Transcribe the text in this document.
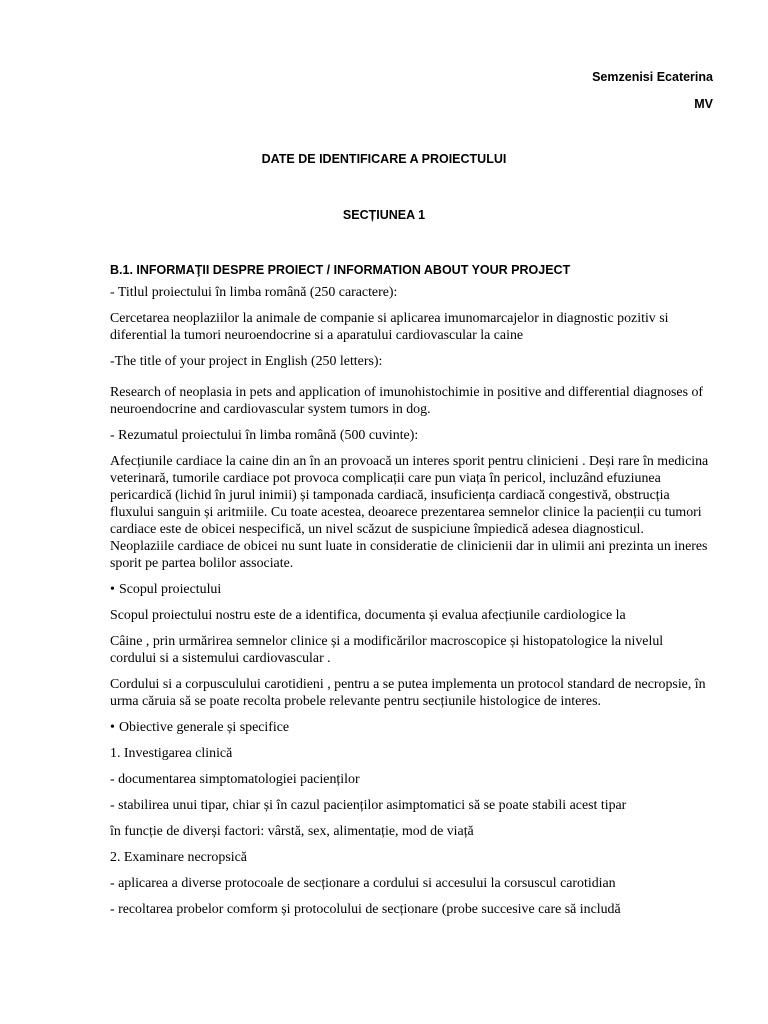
Semzenisi Ecaterina
MV
DATE DE IDENTIFICARE A PROIECTULUI
SECȚIUNEA 1
B.1. INFORMAŢII DESPRE PROIECT / INFORMATION ABOUT YOUR PROJECT

- Titlul proiectului în limba română (250 caractere):

Cercetarea neoplaziilor la animale de companie si aplicarea imunomarcajelor in diagnostic pozitiv si diferential la tumori neuroendocrine si a aparatului cardiovascular la caine

-The title of your project in English (250 letters):

Research of neoplasia in pets and application of imunohistochimie in positive and differential diagnoses of neuroendocrine and cardiovascular system tumors in dog.

- Rezumatul proiectului în limba română (500 cuvinte):

Afecțiunile cardiace la caine din an în an provoacă un interes sporit pentru clinicieni . Deși rare în medicina veterinară, tumorile cardiace pot provoca complicații care pun viața în pericol, incluzând efuziunea pericardică (lichid în jurul inimii) și tamponada cardiacă, insuficiența cardiacă congestivă, obstrucția fluxului sanguin și aritmiile. Cu toate acestea, deoarece prezentarea semnelor clinice la pacienții cu tumori cardiace este de obicei nespecifică, un nivel scăzut de suspiciune împiedică adesea diagnosticul. Neoplaziile cardiace de obicei nu sunt luate in consideratie de clinicienii dar in ulimii ani prezinta un ineres sporit pe partea bolilor associate.

• Scopul proiectului

Scopul proiectului nostru este de a identifica, documenta și evalua afecțiunile cardiologice la

Câine , prin urmărirea semnelor clinice și a modificărilor macroscopice și histopatologice la nivelul cordului si a sistemului cardiovascular .

Cordului si a corpusculului carotidieni , pentru a se putea implementa un protocol standard de necropsie, în urma căruia să se poate recolta probele relevante pentru secțiunile histologice de interes.

• Obiective generale și specifice

1. Investigarea clinică

- documentarea simptomatologiei pacienților

- stabilirea unui tipar, chiar și în cazul pacienților asimptomatici să se poate stabili acest tipar

în funcție de diverși factori: vârstă, sex, alimentație, mod de viață

2. Examinare necropsică

- aplicarea a diverse protocoale de secționare a cordului si accesului la corsuscul carotidian

- recoltarea probelor comform și protocolului de secționare (probe succesive care să includă
